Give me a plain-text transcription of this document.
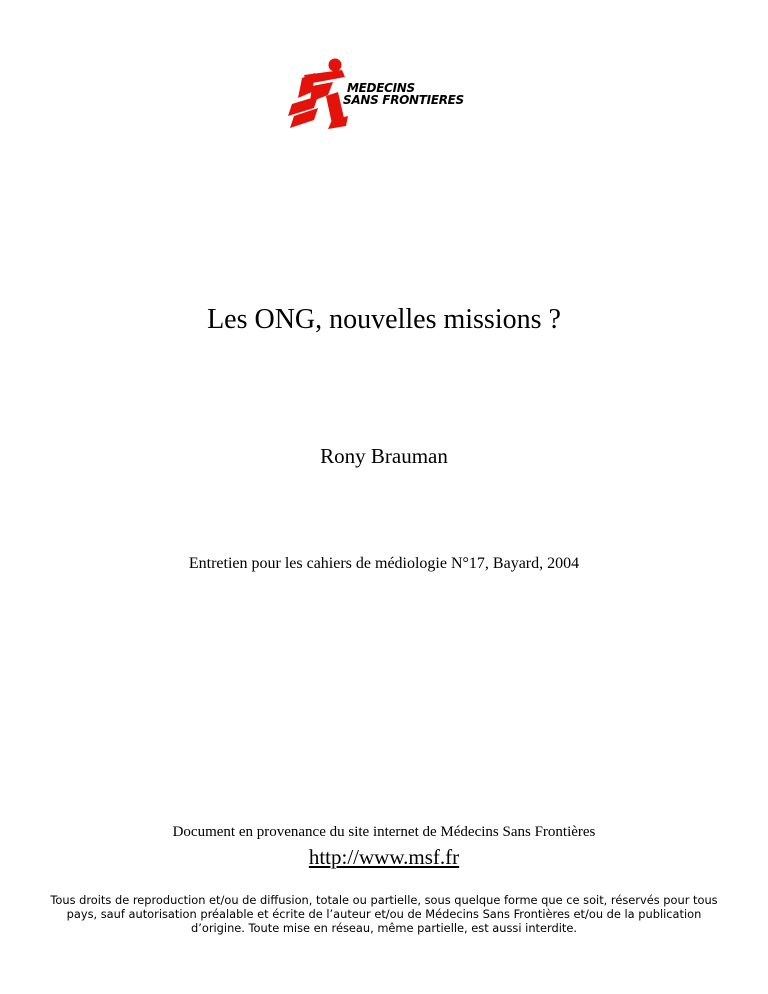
MEDECINS
SANS FRONTIERES
Les ONG, nouvelles missions ?
Rony Brauman
Entretien pour les cahiers de médiologie N°17, Bayard, 2004
Document en provenance du site internet de Médecins Sans Frontières
http://www.msf.fr
Tous droits de reproduction et/ou de diffusion, totale ou partielle, sous quelque forme que ce soit, réservés pour tous pays, sauf autorisation préalable et écrite de l’auteur et/ou de Médecins Sans Frontières et/ou de la publication d’origine. Toute mise en réseau, même partielle, est aussi interdite.
